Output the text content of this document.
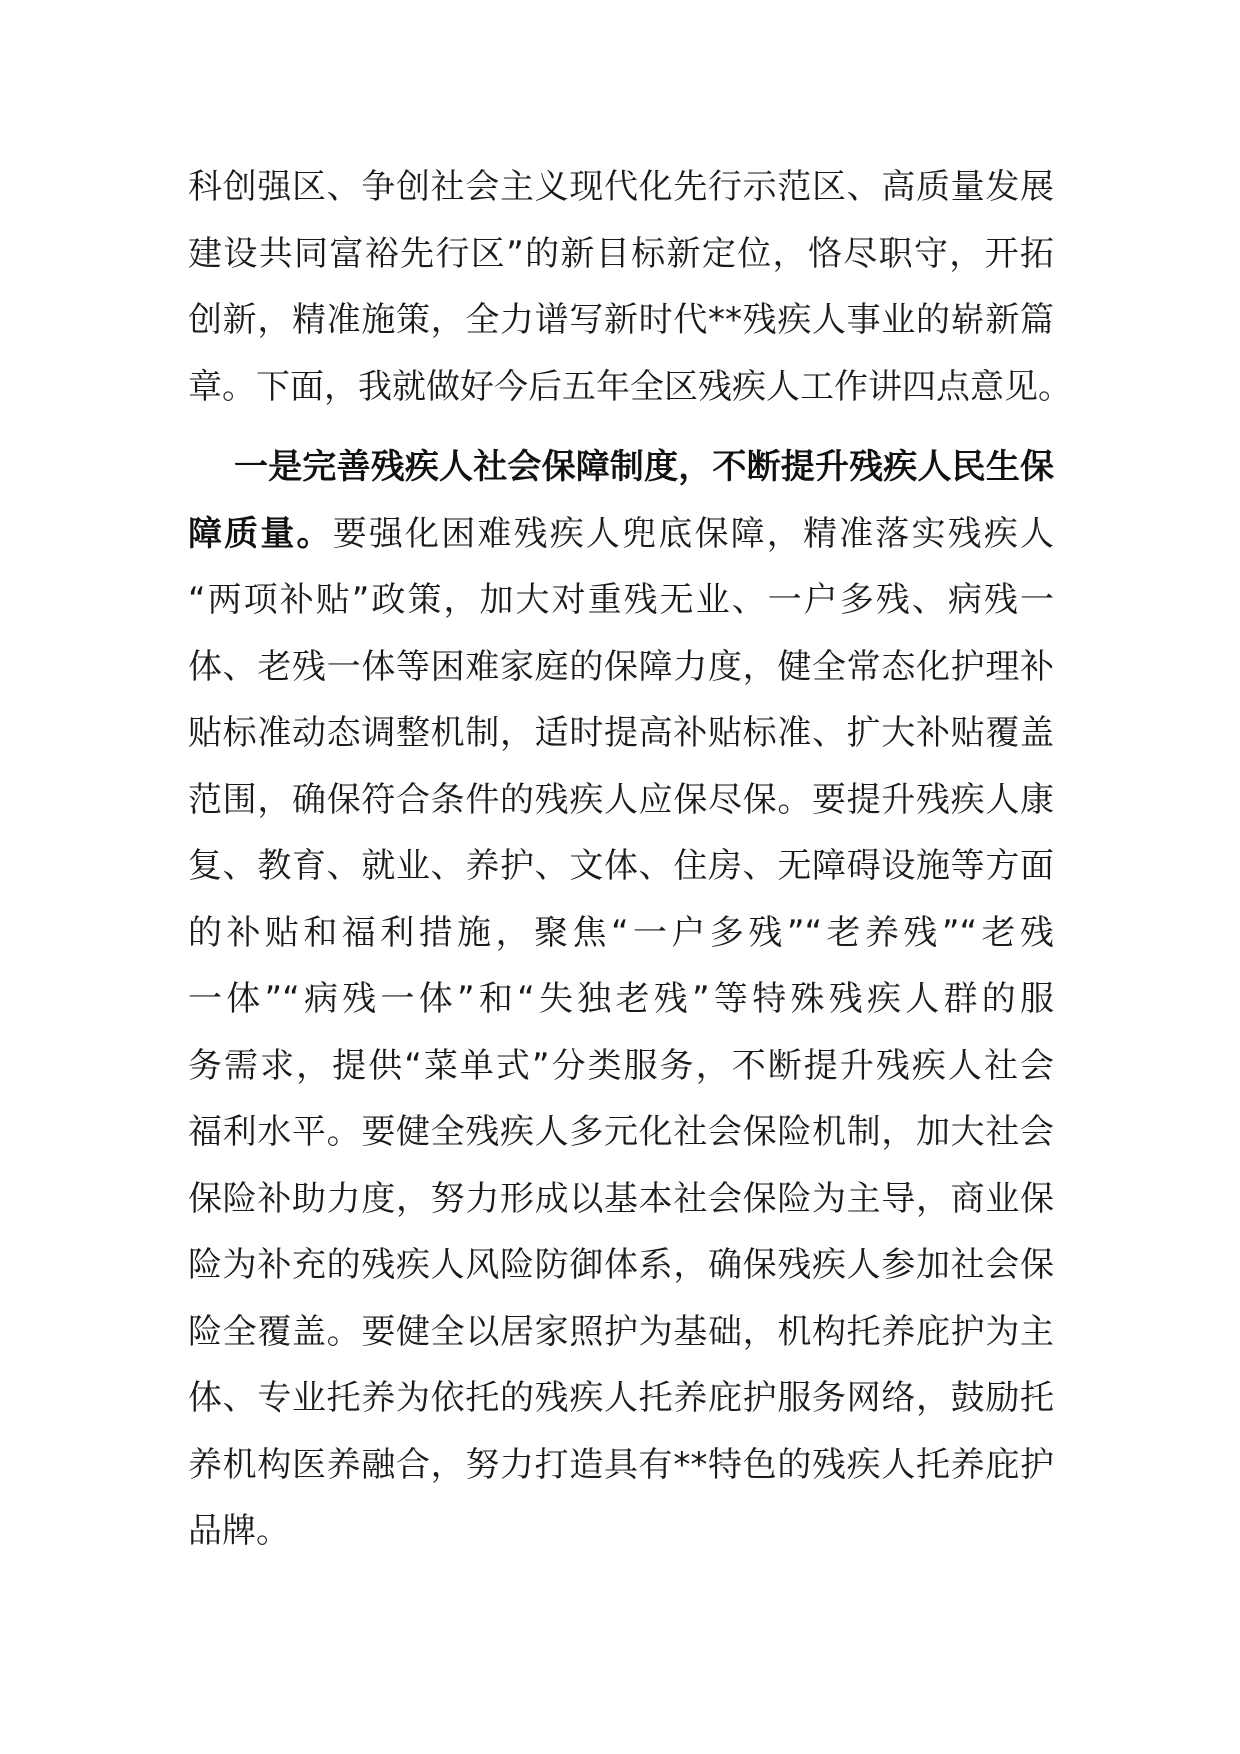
科创强区、争创社会主义现代化先行示范区、高质量发展
建设共同富裕先行区”的新目标新定位，恪尽职守，开拓
创新，精准施策，全力谱写新时代**残疾人事业的崭新篇
章。下面，我就做好今后五年全区残疾人工作讲四点意见。
一是完善残疾人社会保障制度，不断提升残疾人民生保
障质量。要强化困难残疾人兜底保障，精准落实残疾人
“两项补贴”政策，加大对重残无业、一户多残、病残一
体、老残一体等困难家庭的保障力度，健全常态化护理补
贴标准动态调整机制，适时提高补贴标准、扩大补贴覆盖
范围，确保符合条件的残疾人应保尽保。要提升残疾人康
复、教育、就业、养护、文体、住房、无障碍设施等方面
的补贴和福利措施，聚焦“一户多残”“老养残”“老残
一体”“病残一体”和“失独老残”等特殊残疾人群的服
务需求，提供“菜单式”分类服务，不断提升残疾人社会
福利水平。要健全残疾人多元化社会保险机制，加大社会
保险补助力度，努力形成以基本社会保险为主导，商业保
险为补充的残疾人风险防御体系，确保残疾人参加社会保
险全覆盖。要健全以居家照护为基础，机构托养庇护为主
体、专业托养为依托的残疾人托养庇护服务网络，鼓励托
养机构医养融合，努力打造具有**特色的残疾人托养庇护
品牌。
